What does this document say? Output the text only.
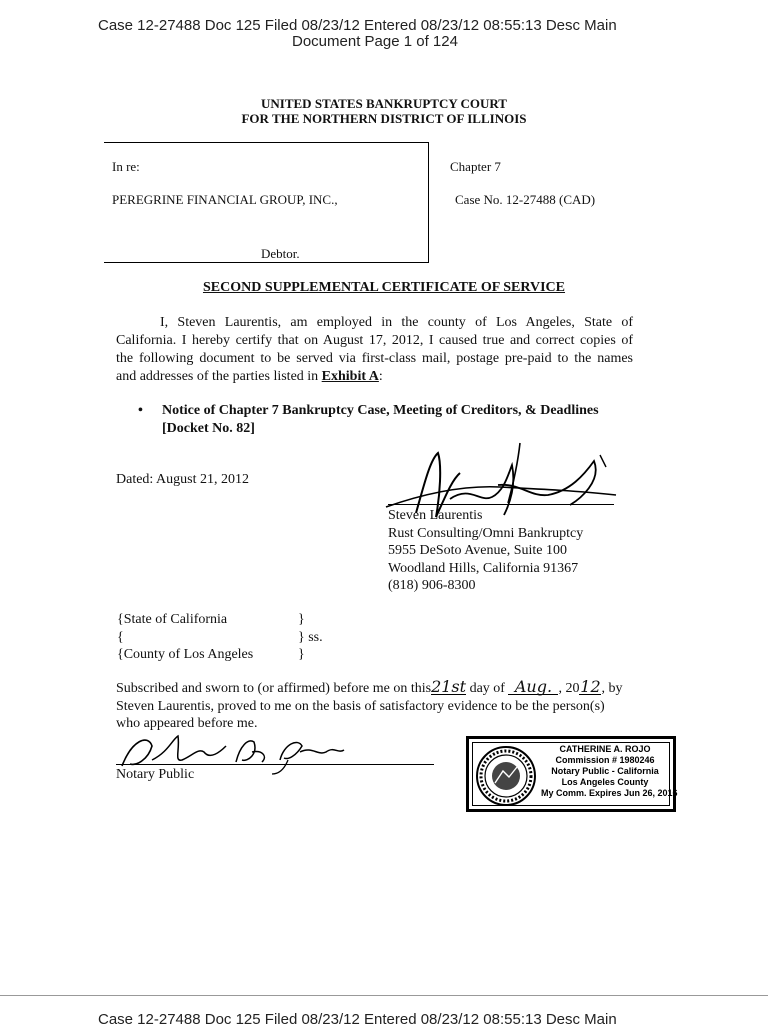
Case 12-27488 Doc 125 Filed 08/23/12 Entered 08/23/12 08:55:13 Desc Main
Document Page 1 of 124
UNITED STATES BANKRUPTCY COURT
FOR THE NORTHERN DISTRICT OF ILLINOIS
In re:
PEREGRINE FINANCIAL GROUP, INC.,
Debtor.
Chapter 7
Case No. 12-27488 (CAD)
SECOND SUPPLEMENTAL CERTIFICATE OF SERVICE
I, Steven Laurentis, am employed in the county of Los Angeles, State of
California. I hereby certify that on August 17, 2012, I caused true and correct copies of
the following document to be served via first-class mail, postage pre-paid to the names
and addresses of the parties listed in Exhibit A:
• Notice of Chapter 7 Bankruptcy Case, Meeting of Creditors, & Deadlines
[Docket No. 82]
Dated: August 21, 2012
Steven Laurentis
Rust Consulting/Omni Bankruptcy
5955 DeSoto Avenue, Suite 100
Woodland Hills, California 91367
(818) 906-8300
{State of California
{
{County of Los Angeles
}
} ss.
}
Subscribed and sworn to (or affirmed) before me on this21st day of Aug. , 2012, by
Steven Laurentis, proved to me on the basis of satisfactory evidence to be the person(s)
who appeared before me.
Notary Public
CATHERINE A. ROJO
Commission # 1980246
Notary Public - California
Los Angeles County
My Comm. Expires Jun 26, 2016
Case 12-27488 Doc 125 Filed 08/23/12 Entered 08/23/12 08:55:13 Desc Main
